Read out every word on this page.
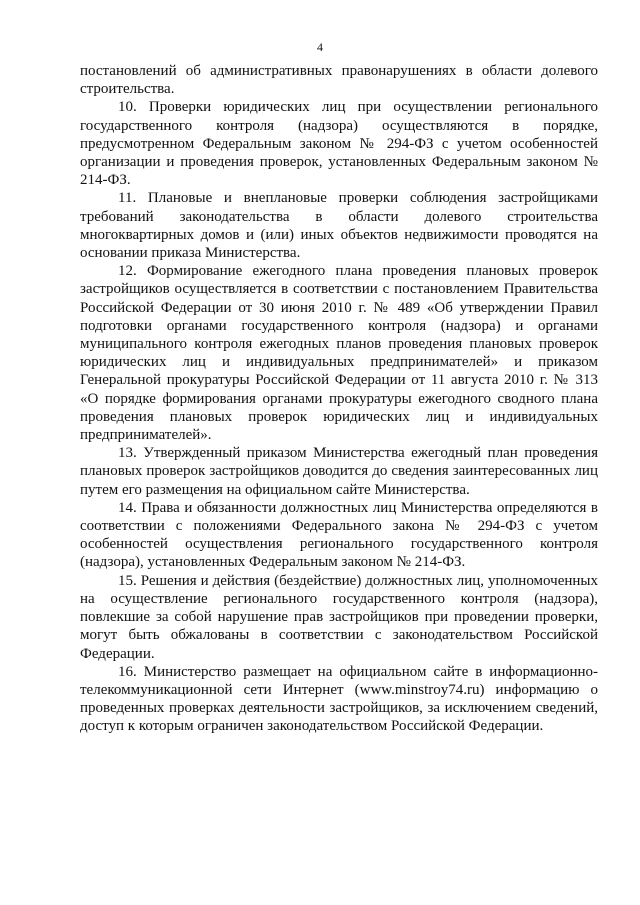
4

постановлений об административных правонарушениях в области долевого строительства.

10. Проверки юридических лиц при осуществлении регионального государственного контроля (надзора) осуществляются в порядке, предусмотренном Федеральным законом № 294-ФЗ с учетом особенностей организации и проведения проверок, установленных Федеральным законом № 214-ФЗ.

11. Плановые и внеплановые проверки соблюдения застройщиками требований законодательства в области долевого строительства многоквартирных домов и (или) иных объектов недвижимости проводятся на основании приказа Министерства.

12. Формирование ежегодного плана проведения плановых проверок застройщиков осуществляется в соответствии с постановлением Правительства Российской Федерации от 30 июня 2010 г. № 489 «Об утверждении Правил подготовки органами государственного контроля (надзора) и органами муниципального контроля ежегодных планов проведения плановых проверок юридических лиц и индивидуальных предпринимателей» и приказом Генеральной прокуратуры Российской Федерации от 11 августа 2010 г. № 313 «О порядке формирования органами прокуратуры ежегодного сводного плана проведения плановых проверок юридических лиц и индивидуальных предпринимателей».

13. Утвержденный приказом Министерства ежегодный план проведения плановых проверок застройщиков доводится до сведения заинтересованных лиц путем его размещения на официальном сайте Министерства.

14. Права и обязанности должностных лиц Министерства определяются в соответствии с положениями Федерального закона № 294-ФЗ с учетом особенностей осуществления регионального государственного контроля (надзора), установленных Федеральным законом № 214-ФЗ.

15. Решения и действия (бездействие) должностных лиц, уполномоченных на осуществление регионального государственного контроля (надзора), повлекшие за собой нарушение прав застройщиков при проведении проверки, могут быть обжалованы в соответствии с законодательством Российской Федерации.

16. Министерство размещает на официальном сайте в информационно-телекоммуникационной сети Интернет (www.minstroy74.ru) информацию о проведенных проверках деятельности застройщиков, за исключением сведений, доступ к которым ограничен законодательством Российской Федерации.
